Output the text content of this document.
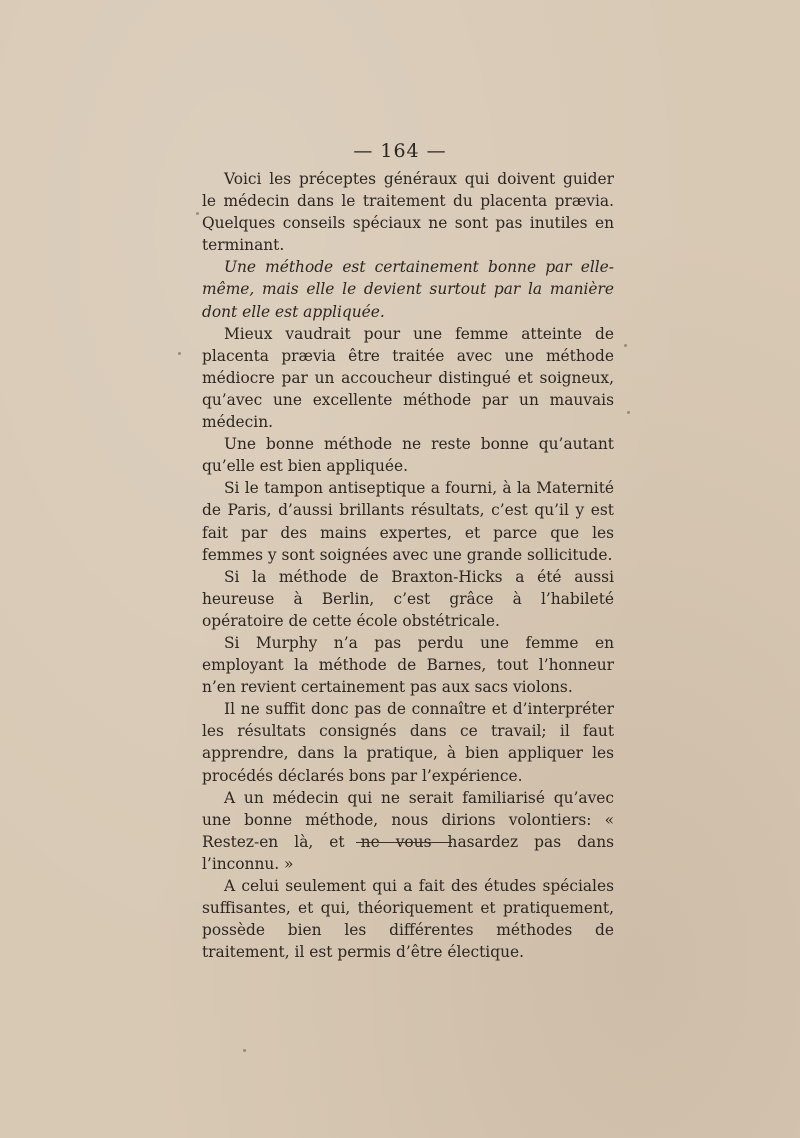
— 164 —

Voici les préceptes généraux qui doivent guider le médecin dans le traitement du placenta prævia. Quelques conseils spéciaux ne sont pas inutiles en terminant.

Une méthode est certainement bonne par elle-même, mais elle le devient surtout par la manière dont elle est appliquée.

Mieux vaudrait pour une femme atteinte de placenta prævia être traitée avec une méthode médiocre par un accoucheur distingué et soigneux, qu’avec une excellente méthode par un mauvais médecin.

Une bonne méthode ne reste bonne qu’autant qu’elle est bien appliquée.

Si le tampon antiseptique a fourni, à la Maternité de Paris, d’aussi brillants résultats, c’est qu’il y est fait par des mains expertes, et parce que les femmes y sont soignées avec une grande sollicitude.

Si la méthode de Braxton-Hicks a été aussi heureuse à Berlin, c’est grâce à l’habileté opératoire de cette école obstétricale.

Si Murphy n’a pas perdu une femme en employant la méthode de Barnes, tout l’honneur n’en revient certainement pas aux sacs violons.

Il ne suffit donc pas de connaître et d’interpréter les résultats consignés dans ce travail; il faut apprendre, dans la pratique, à bien appliquer les procédés déclarés bons par l’expérience.

A un médecin qui ne serait familiarisé qu’avec une bonne méthode, nous dirions volontiers: « Restez-en là, et ne vous hasardez pas dans l’inconnu. »

A celui seulement qui a fait des études spéciales suffisantes, et qui, théoriquement et pratiquement, possède bien les différentes méthodes de traitement, il est permis d’être électique.
